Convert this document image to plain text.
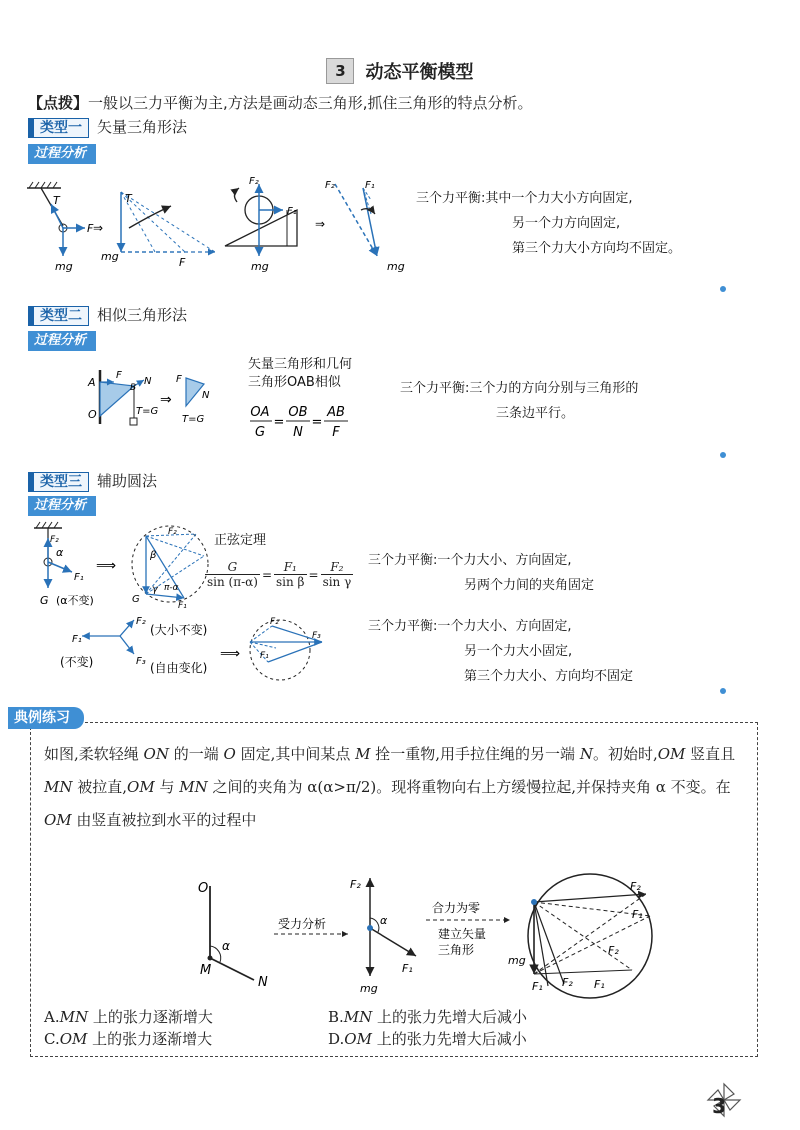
3 动态平衡模型
【点拨】一般以三力平衡为主,方法是画动态三角形,抓住三角形的特点分析。
类型一 矢量三角形法
过程分析
T
F
mg
⇒
T
mg	F
F₂
F₁
mg
⇒
F₂	F₁
mg
三个力平衡:其中一个力大小方向固定,
另一个力方向固定,
第三个力大小方向均不固定。
类型二 相似三角形法
过程分析
A
O
F
B
N
T=G
⇒
F
N
T=G
矢量三角形和几何
三角形OAB相似
OA
G
=
OB
N
=
AB
F
三个力平衡:三个力的方向分别与三角形的
三条边平行。
类型三 辅助圆法
过程分析
F₂
α
F₁
G (α不变)
⟹
β
γ π-α
F₂
G
F₁
正弦定理
G	=	F₁	=	F₂
sin (π-α)		sin β		sin γ
三个力平衡:一个力大小、方向固定,
另两个力间的夹角固定
F₁
F₂
(大小不变)
F₃
(不变)	(自由变化)
⟹
F₂
F₃
F₁
三个力平衡:一个力大小、方向固定,
另一个力大小固定,
第三个力大小、方向均不固定
典例练习
如图,柔软轻绳 ON 的一端 O 固定,其中间某点 M 拴一重物,用手拉住绳的另一端 N。初始时,OM 竖直且 MN 被拉直,OM 与 MN 之间的夹角为 α(α>π/2)。现将重物向右上方缓慢拉起,并保持夹角 α 不变。在 OM 由竖直被拉到水平的过程中
O
α
M
N
受力分析
F₂
α
F₁
mg
合力为零
建立矢量
三角形
F₂
F₁
F₂
mg
F₁ F₂ F₁
A.MN 上的张力逐渐增大	B.MN 上的张力先增大后减小
C.OM 上的张力逐渐增大	D.OM 上的张力先增大后减小
3
